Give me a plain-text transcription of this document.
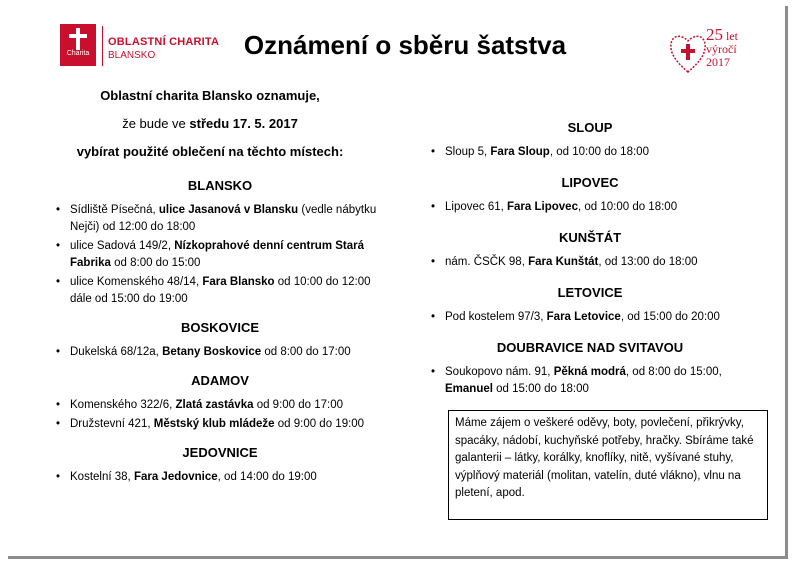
Charita
OBLASTNÍ CHARITA
BLANSKO	Oznámení o sběru šatstva	25 let
výročí
2017
Oblastní charita Blansko oznamuje,
že bude ve středu 17. 5. 2017
vybírat použité oblečení na těchto místech:
BLANSKO
• Sídliště Písečná, ulice Jasanová v Blansku (vedle nábytku Nejči) od 12:00 do 18:00
• ulice Sadová 149/2, Nízkoprahové denní centrum Stará Fabrika od 8:00 do 15:00
• ulice Komenského 48/14, Fara Blansko od 10:00 do 12:00 dále od 15:00 do 19:00
BOSKOVICE
• Dukelská 68/12a, Betany Boskovice od 8:00 do 17:00
ADAMOV
• Komenského 322/6, Zlatá zastávka od 9:00 do 17:00
• Družstevní 421, Městský klub mládeže od 9:00 do 19:00
JEDOVNICE
• Kostelní 38, Fara Jedovnice, od 14:00 do 19:00
SLOUP
• Sloup 5, Fara Sloup, od 10:00 do 18:00
LIPOVEC
• Lipovec 61, Fara Lipovec, od 10:00 do 18:00
KUNŠTÁT
• nám. ČSČK 98, Fara Kunštát, od 13:00 do 18:00
LETOVICE
• Pod kostelem 97/3, Fara Letovice, od 15:00 do 20:00
DOUBRAVICE NAD SVITAVOU
• Soukopovo nám. 91, Pěkná modrá, od 8:00 do 15:00, Emanuel od 15:00 do 18:00
Máme zájem o veškeré oděvy, boty, povlečení, přikrývky, spacáky, nádobí, kuchyňské potřeby, hračky. Sbíráme také galanterii – látky, korálky, knoflíky, nitě, vyšívané stuhy, výplňový materiál (molitan, vatelín, duté vlákno), vlnu na pletení, apod.
